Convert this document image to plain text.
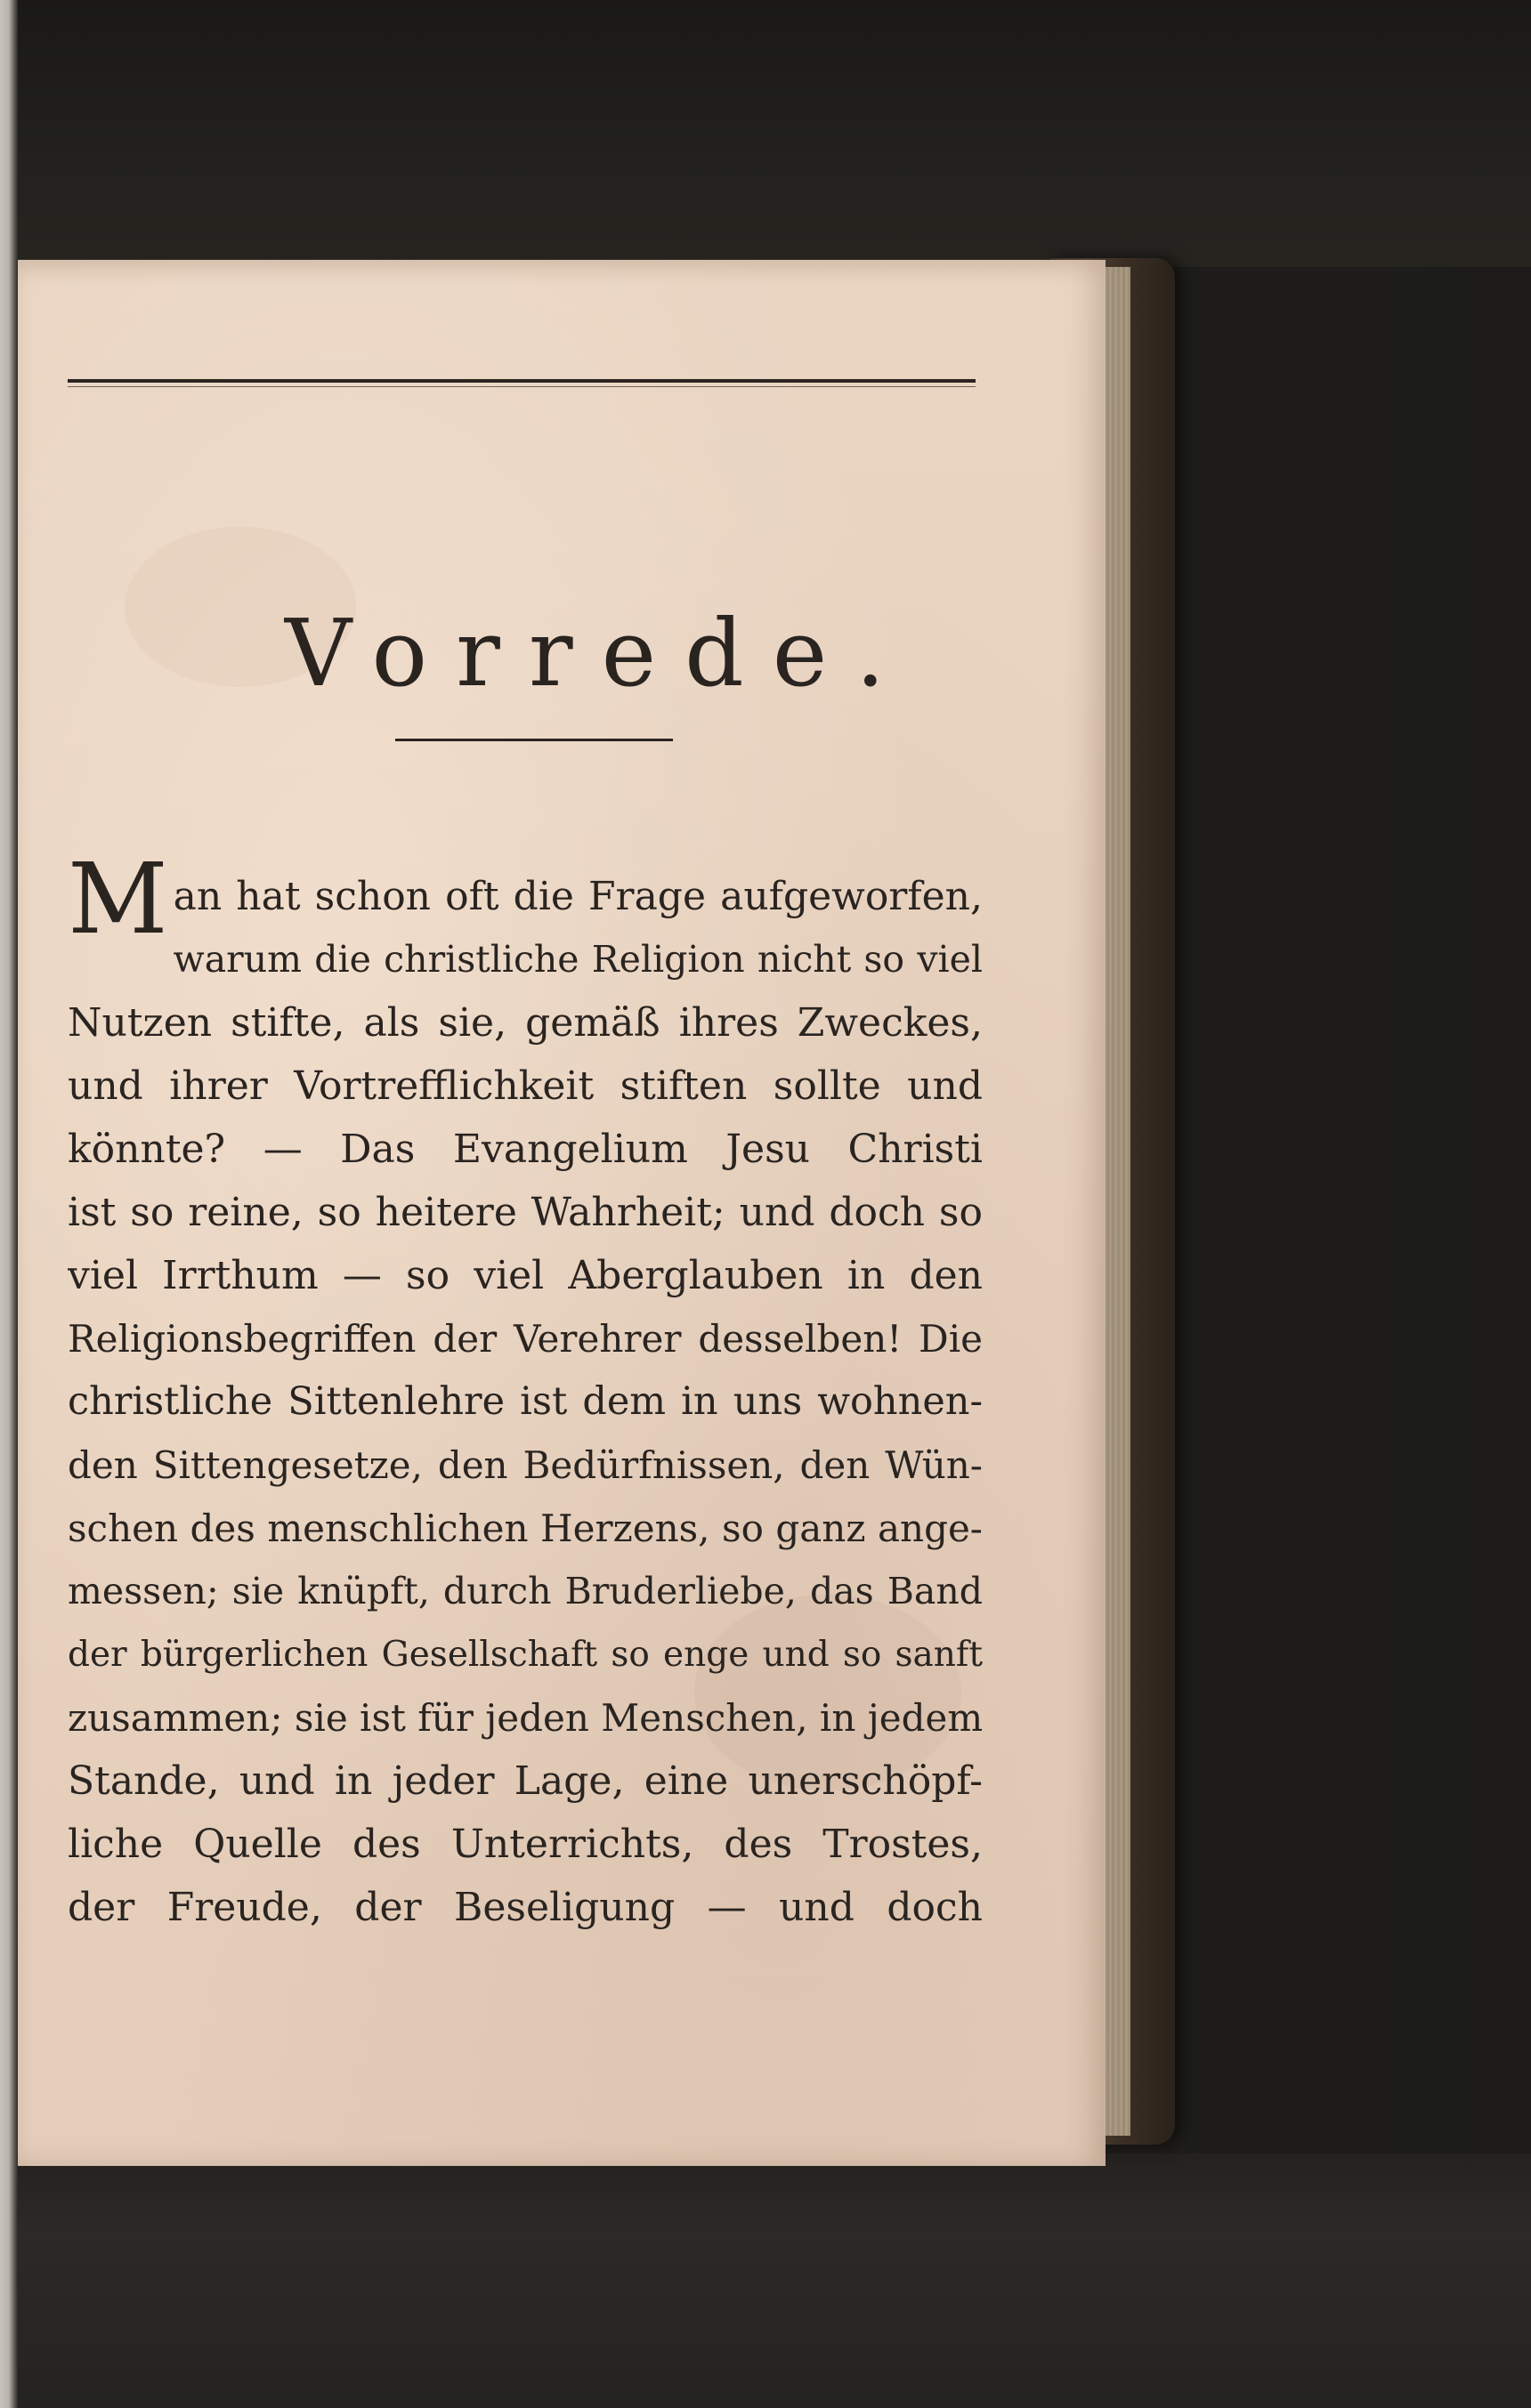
Vorrede.
M an hat schon oft die Frage aufgeworfen,
warum die christliche Religion nicht so viel
Nutzen stifte, als sie, gemäß ihres Zweckes,
und ihrer Vortrefflichkeit stiften sollte und
könnte? — Das Evangelium Jesu Christi
ist so reine, so heitere Wahrheit; und doch so
viel Irrthum — so viel Aberglauben in den
Religionsbegriffen der Verehrer desselben! Die
christliche Sittenlehre ist dem in uns wohnen-
den Sittengesetze, den Bedürfnissen, den Wün-
schen des menschlichen Herzens, so ganz ange-
messen; sie knüpft, durch Bruderliebe, das Band
der bürgerlichen Gesellschaft so enge und so sanft
zusammen; sie ist für jeden Menschen, in jedem
Stande, und in jeder Lage, eine unerschöpf-
liche Quelle des Unterrichts, des Trostes,
der Freude, der Beseligung — und doch
